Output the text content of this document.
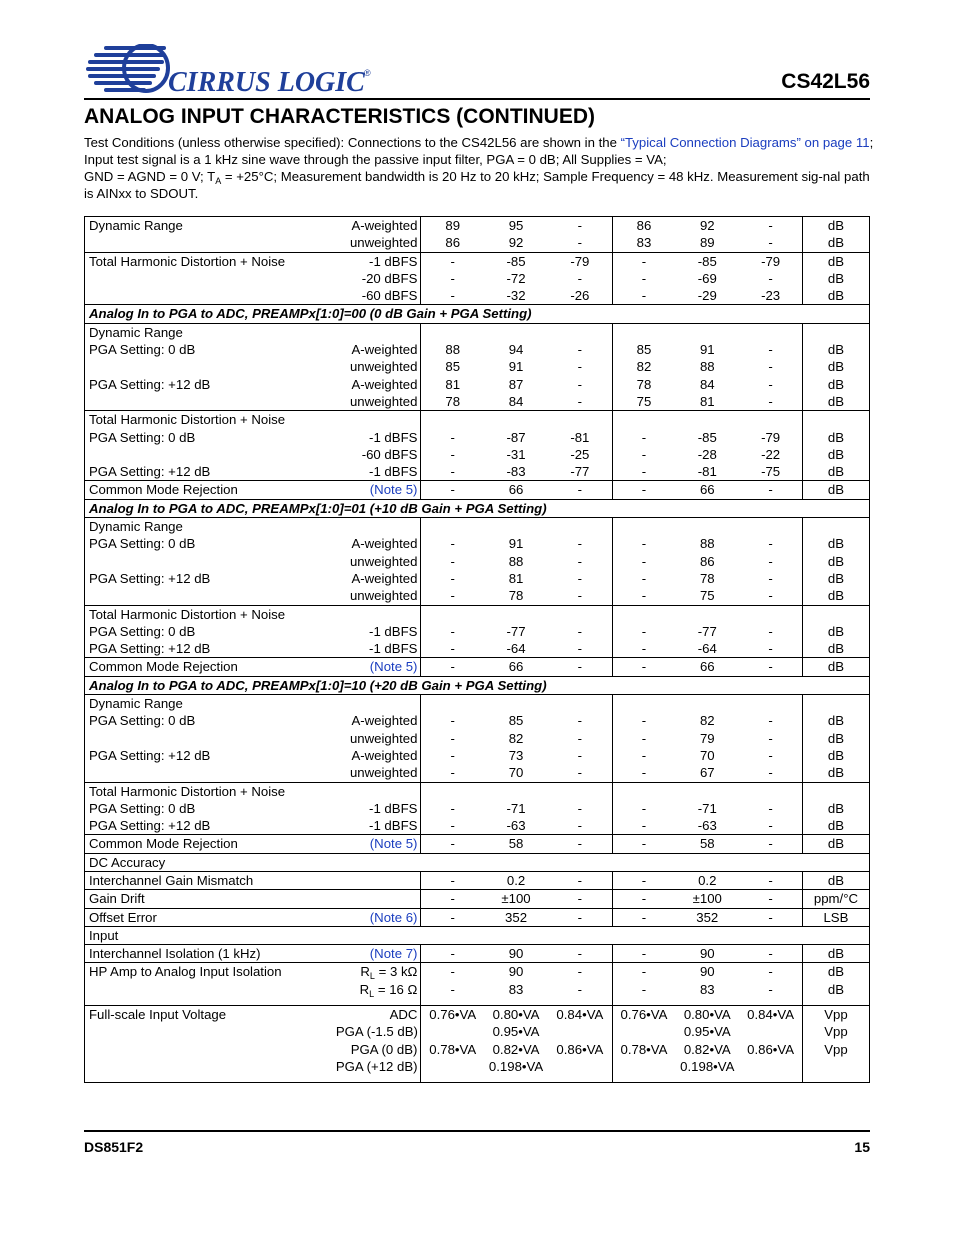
CIRRUS LOGIC ®	CS42L56
ANALOG INPUT CHARACTERISTICS (CONTINUED)
Test Conditions (unless otherwise specified): Connections to the CS42L56 are shown in the “Typical Connection Diagrams” on page 11; Input test signal is a 1 kHz sine wave through the passive input filter, PGA = 0 dB; All Supplies = VA;
GND = AGND = 0 V; $T_A = +25^\circ C$; Measurement bandwidth is 20 Hz to 20 kHz; Sample Frequency = 48 kHz. Measurement sig-nal path is AINxx to SDOUT.
Dynamic Range	A-weighted	89	95	-	86	92	-	dB
	unweighted	86	92	-	83	89	-	dB
Total Harmonic Distortion + Noise	-1 dBFS	-	-85	-79	-	-85	-79	dB
	-20 dBFS	-	-72	-	-	-69	-	dB
	-60 dBFS	-	-32	-26	-	-29	-23	dB
Analog In to PGA to ADC, PREAMPx[1:0]=00 (0 dB Gain + PGA Setting)								
Dynamic Range								
PGA Setting: 0 dB	A-weighted	88	94	-	85	91	-	dB
	unweighted	85	91	-	82	88	-	dB
PGA Setting: +12 dB	A-weighted	81	87	-	78	84	-	dB
	unweighted	78	84	-	75	81	-	dB
Total Harmonic Distortion + Noise								
PGA Setting: 0 dB	-1 dBFS	-	-87	-81	-	-85	-79	dB
	-60 dBFS	-	-31	-25	-	-28	-22	dB
PGA Setting: +12 dB	-1 dBFS	-	-83	-77	-	-81	-75	dB
Common Mode Rejection	(Note 5)	-	66	-	-	66	-	dB
Analog In to PGA to ADC, PREAMPx[1:0]=01 (+10 dB Gain + PGA Setting)								
Dynamic Range								
PGA Setting: 0 dB	A-weighted	-	91	-	-	88	-	dB
	unweighted	-	88	-	-	86	-	dB
PGA Setting: +12 dB	A-weighted	-	81	-	-	78	-	dB
	unweighted	-	78	-	-	75	-	dB
Total Harmonic Distortion + Noise								
PGA Setting: 0 dB	-1 dBFS	-	-77	-	-	-77	-	dB
PGA Setting: +12 dB	-1 dBFS	-	-64	-	-	-64	-	dB
Common Mode Rejection	(Note 5)	-	66	-	-	66	-	dB
Analog In to PGA to ADC, PREAMPx[1:0]=10 (+20 dB Gain + PGA Setting)								
Dynamic Range								
PGA Setting: 0 dB	A-weighted	-	85	-	-	82	-	dB
	unweighted	-	82	-	-	79	-	dB
PGA Setting: +12 dB	A-weighted	-	73	-	-	70	-	dB
	unweighted	-	70	-	-	67	-	dB
Total Harmonic Distortion + Noise								
PGA Setting: 0 dB	-1 dBFS	-	-71	-	-	-71	-	dB
PGA Setting: +12 dB	-1 dBFS	-	-63	-	-	-63	-	dB
Common Mode Rejection	(Note 5)	-	58	-	-	58	-	dB
DC Accuracy								
Interchannel Gain Mismatch		-	0.2	-	-	0.2	-	dB
Gain Drift		-	±100	-	-	±100	-	ppm/°C
Offset Error	(Note 6)	-	352	-	-	352	-	LSB
Input								
Interchannel Isolation (1 kHz)	(Note 7)	-	90	-	-	90	-	dB
HP Amp to Analog Input Isolation	$R_L = 3$ kΩ	-	90	-	-	90	-	dB
	$R_L = 16$ Ω	-	83	-	-	83	-	dB

Full-scale Input Voltage	ADC	0.76•VA	0.80•VA	0.84•VA	0.76•VA	0.80•VA	0.84•VA	Vpp
	PGA (-1.5 dB)		0.95•VA			0.95•VA		Vpp
	PGA (0 dB)	0.78•VA	0.82•VA	0.86•VA	0.78•VA	0.82•VA	0.86•VA	Vpp
	PGA (+12 dB)		0.198•VA			0.198•VA		

DS851F2	15
